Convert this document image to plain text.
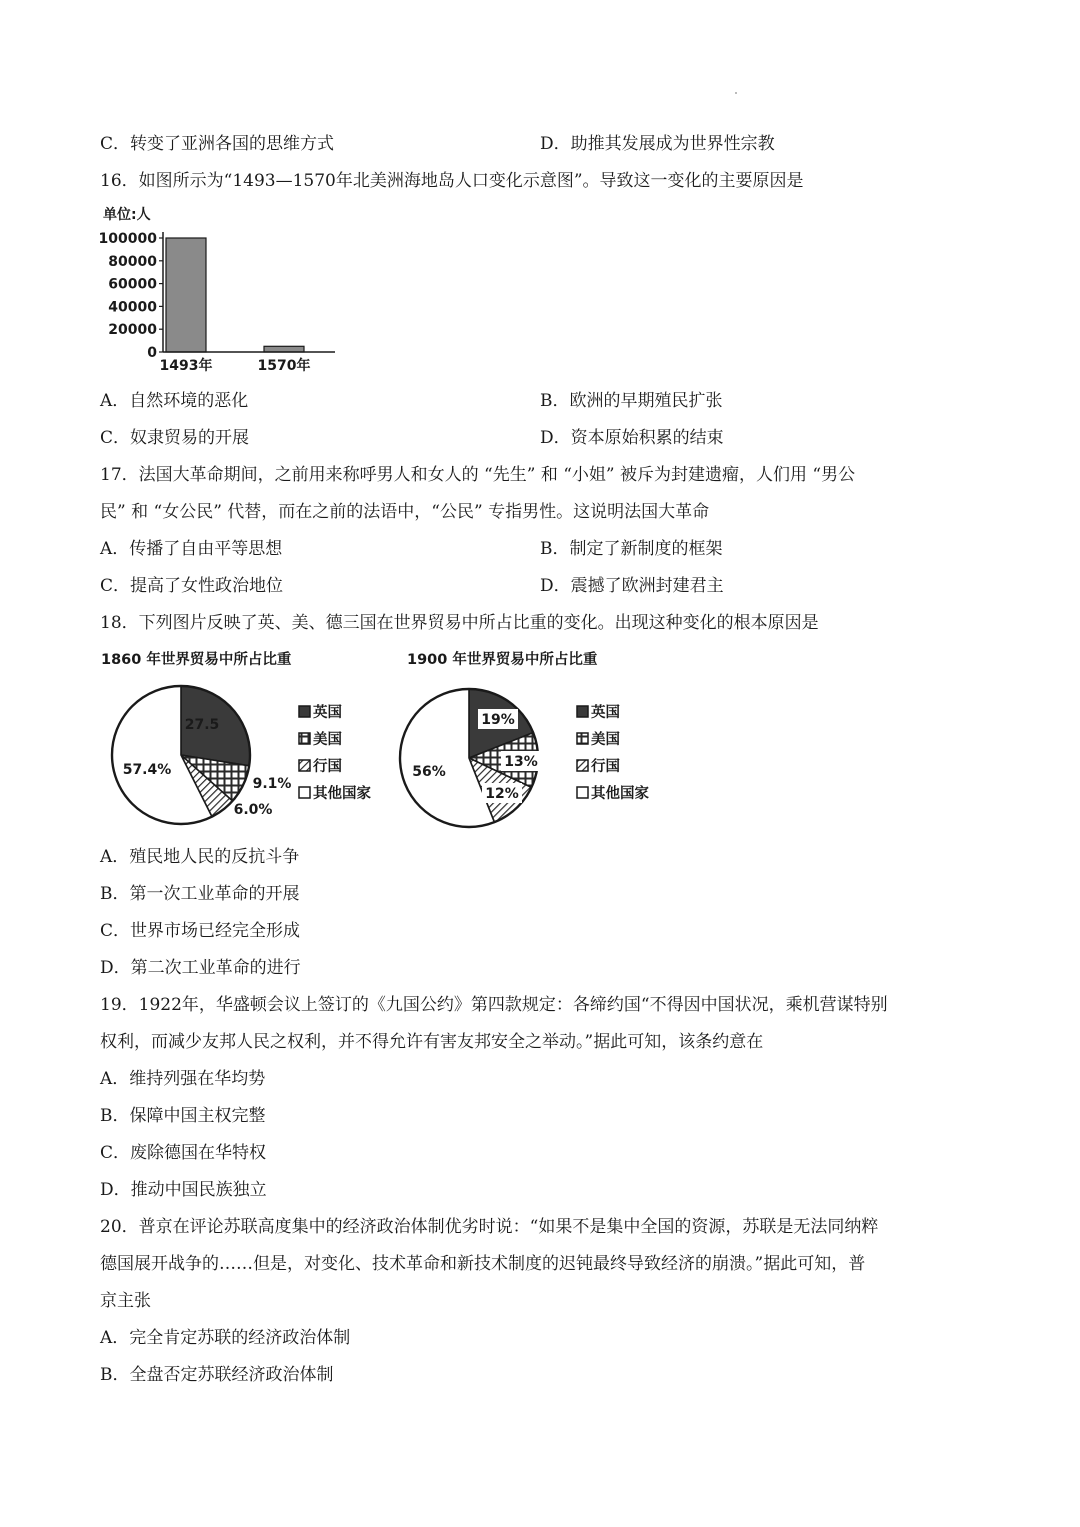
C．转变了亚洲各国的思维方式	D．助推其发展成为世界性宗教
16．如图所示为“1493—1570年北美洲海地岛人口变化示意图”。导致这一变化的主要原因是
单位:人
0
20000
40000
60000
80000
100000
1493年	1570年
A．自然环境的恶化	B．欧洲的早期殖民扩张
C．奴隶贸易的开展	D．资本原始积累的结束
17．法国大革命期间，之前用来称呼男人和女人的 “先生” 和 “小姐” 被斥为封建遗瘤，人们用 “男公
民” 和 “女公民” 代替，而在之前的法语中，“公民” 专指男性。这说明法国大革命
A．传播了自由平等思想	B．制定了新制度的框架
C．提高了女性政治地位	D．震撼了欧洲封建君主
18．下列图片反映了英、美、德三国在世界贸易中所占比重的变化。出现这种变化的根本原因是
1860 年世界贸易中所占比重	1900 年世界贸易中所占比重
27.5
9.1%
6.0%
57.4%
英国
美国
行国
其他国家
19%
13%
12%
56%
英国
美国
行国
其他国家
A．殖民地人民的反抗斗争
B．第一次工业革命的开展
C．世界市场已经完全形成
D．第二次工业革命的进行
19．1922年，华盛顿会议上签订的《九国公约》第四款规定：各缔约国“不得因中国状况，乘机营谋特别
权利，而减少友邦人民之权利，并不得允许有害友邦安全之举动。”据此可知，该条约意在
A．维持列强在华均势
B．保障中国主权完整
C．废除德国在华特权
D．推动中国民族独立
20．普京在评论苏联高度集中的经济政治体制优劣时说：“如果不是集中全国的资源，苏联是无法同纳粹
德国展开战争的……但是，对变化、技术革命和新技术制度的迟钝最终导致经济的崩溃。”据此可知，普
京主张
A．完全肯定苏联的经济政治体制
B．全盘否定苏联经济政治体制
